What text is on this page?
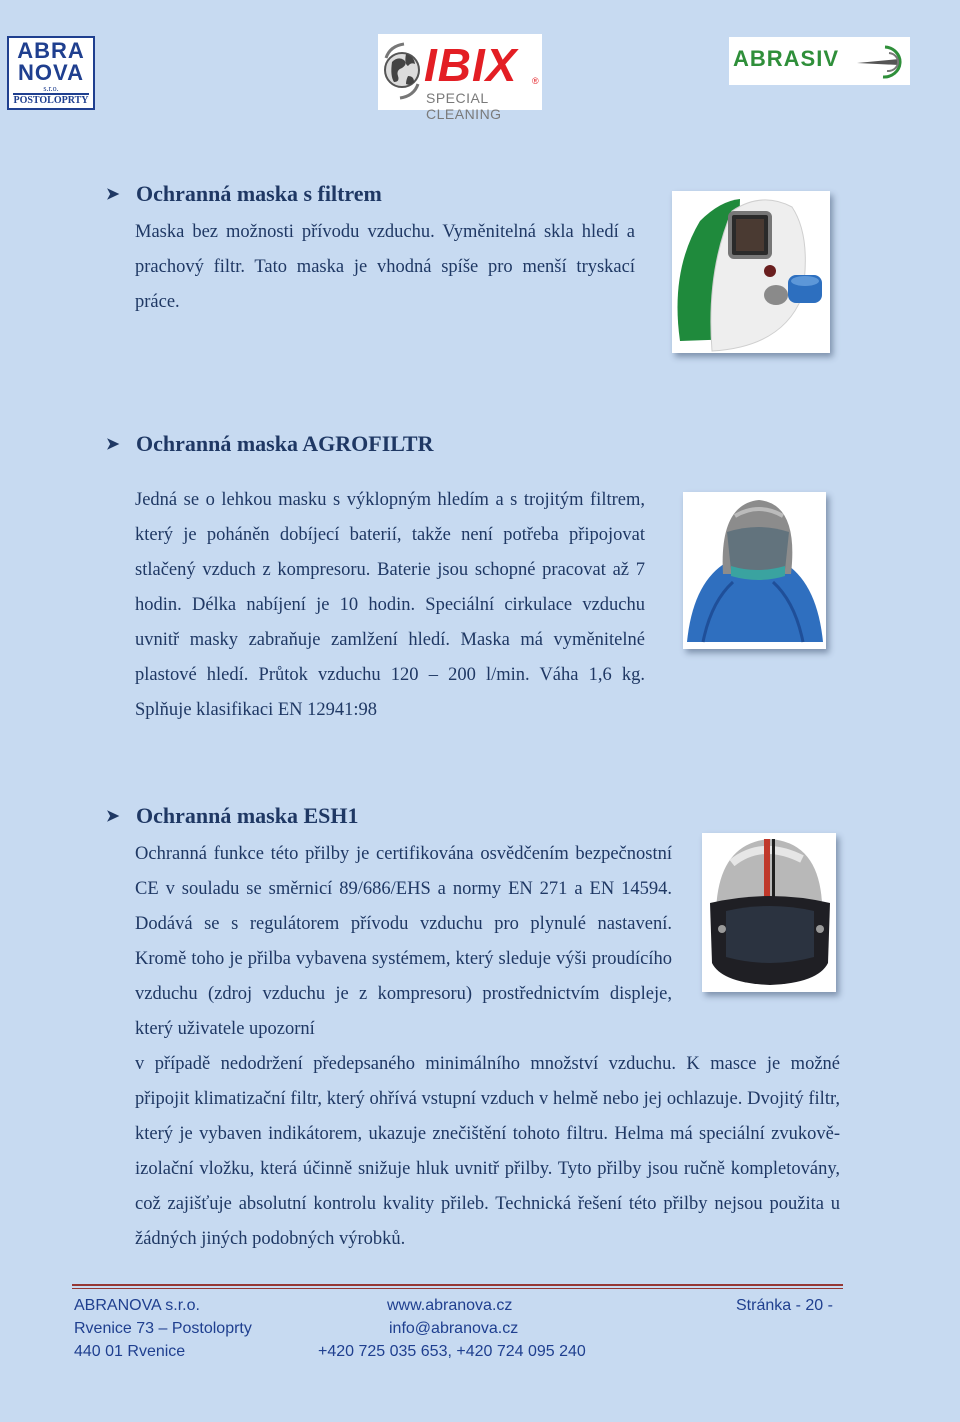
ABRA
NOVA
s.r.o.
POSTOLOPRTY
IBIX ®
SPECIAL CLEANING
ABRASIV
➤ Ochranná maska s filtrem

Maska bez možnosti přívodu vzduchu. Vyměnitelná skla hledí a prachový filtr. Tato maska je vhodná spíše pro menší tryskací práce.

➤ Ochranná maska AGROFILTR

Jedná se o lehkou masku s výklopným hledím a s trojitým filtrem, který je poháněn dobíjecí baterií, takže není potřeba připojovat stlačený vzduch z kompresoru. Baterie jsou schopné pracovat až 7 hodin. Délka nabíjení je 10 hodin. Speciální cirkulace vzduchu uvnitř masky zabraňuje zamlžení hledí. Maska má vyměnitelné plastové hledí. Průtok vzduchu 120 – 200 l/min. Váha 1,6 kg. Splňuje klasifikaci EN 12941:98

➤ Ochranná maska ESH1

Ochranná funkce této přilby je certifikována osvědčením bezpečnostní CE v souladu se směrnicí 89/686/EHS a normy EN 271 a EN 14594. Dodává se s regulátorem přívodu vzduchu pro plynulé nastavení. Kromě toho je přilba vybavena systémem, který sleduje výši proudícího vzduchu (zdroj vzduchu je z kompresoru) prostřednictvím displeje, který uživatele upozorní

v případě nedodržení předepsaného minimálního množství vzduchu. K masce je možné připojit klimatizační filtr, který ohřívá vstupní vzduch v helmě nebo jej ochlazuje. Dvojitý filtr, který je vybaven indikátorem, ukazuje znečištění tohoto filtru. Helma má speciální zvukově-izolační vložku, která účinně snižuje hluk uvnitř přilby. Tyto přilby jsou ručně kompletovány, což zajišťuje absolutní kontrolu kvality přileb. Technická řešení této přilby nejsou použita u žádných jiných podobných výrobků.

ABRANOVA s.r.o.
Rvenice 73 – Postoloprty
440 01 Rvenice
www.abranova.cz
info@abranova.cz
+420 725 035 653, +420 724 095 240
Stránka - 20 -
